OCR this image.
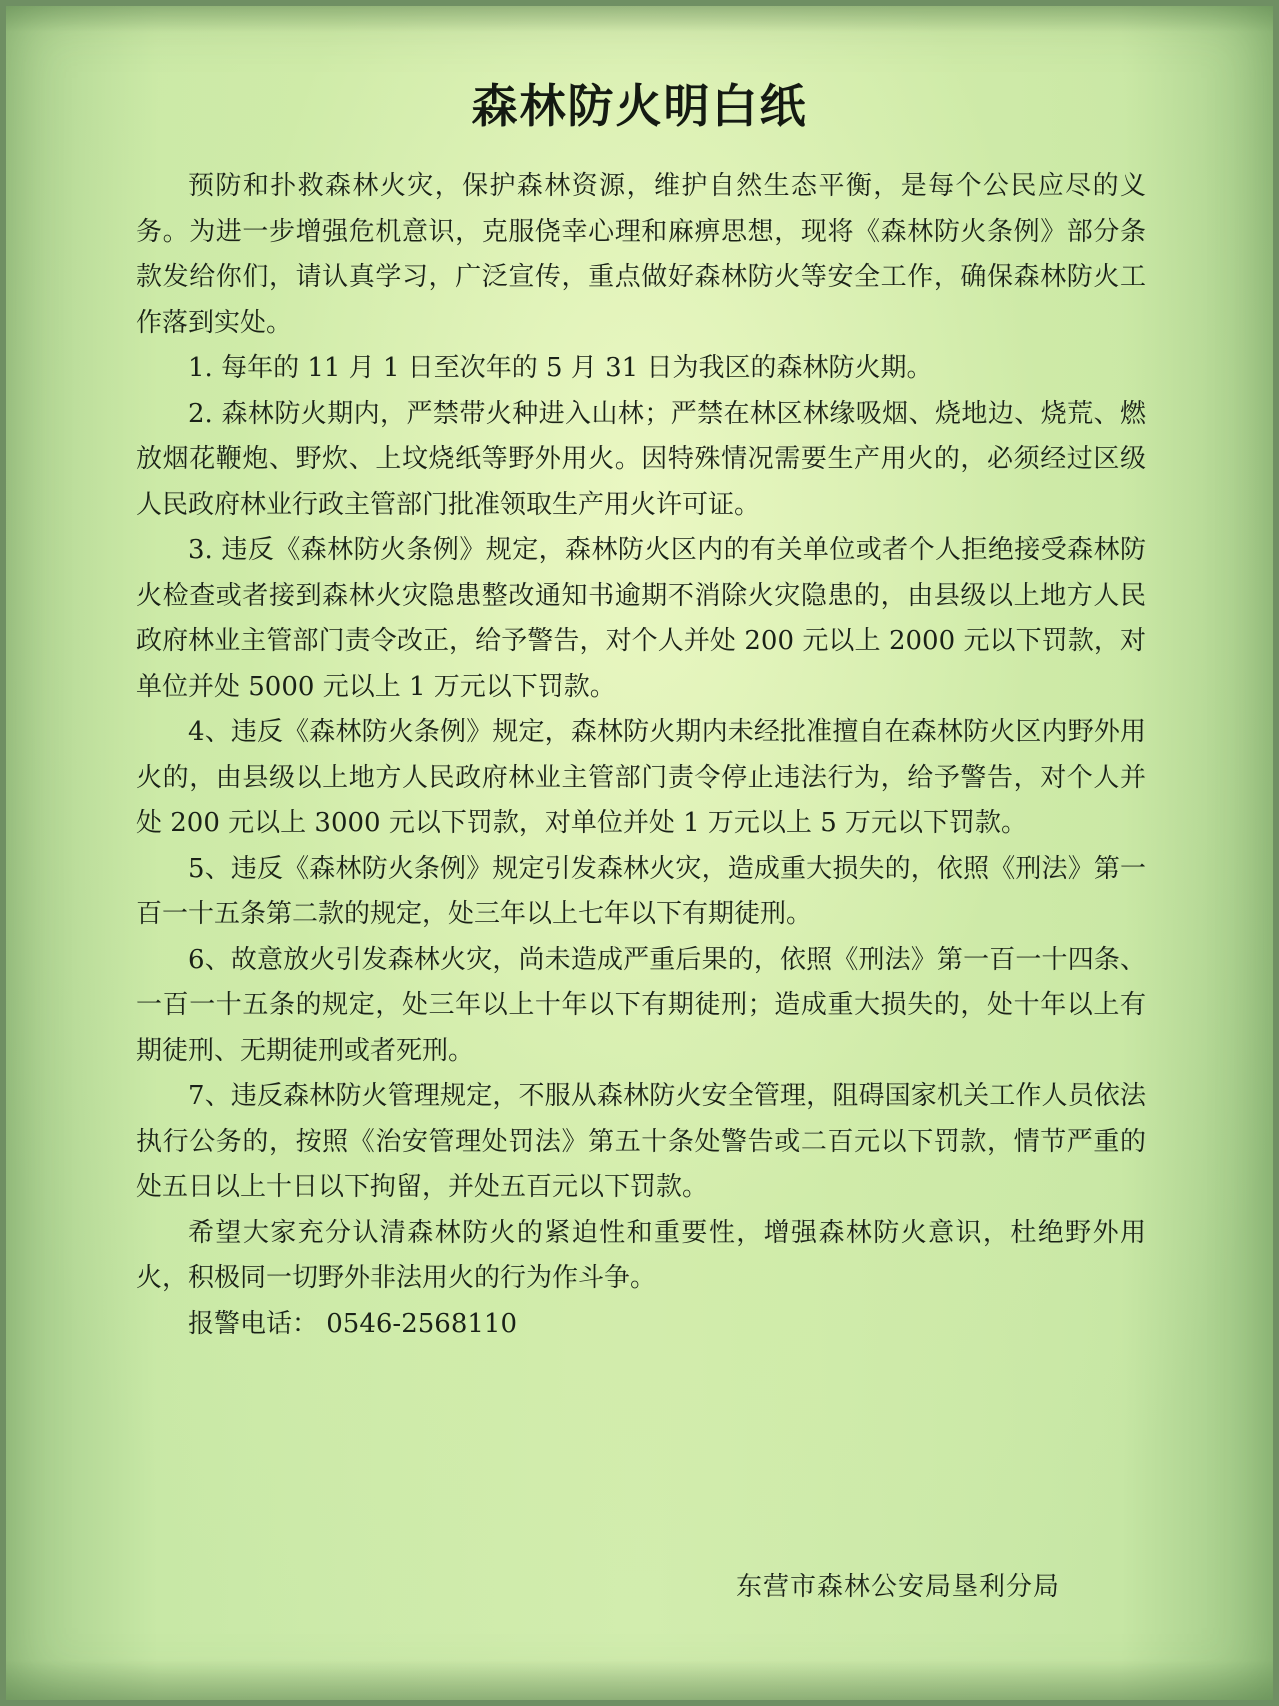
森林防火明白纸

预防和扑救森林火灾，保护森林资源，维护自然生态平衡，是每个公民应尽的义务。为进一步增强危机意识，克服侥幸心理和麻痹思想，现将《森林防火条例》部分条款发给你们，请认真学习，广泛宣传，重点做好森林防火等安全工作，确保森林防火工作落到实处。

1. 每年的 11 月 1 日至次年的 5 月 31 日为我区的森林防火期。

2. 森林防火期内，严禁带火种进入山林；严禁在林区林缘吸烟、烧地边、烧荒、燃放烟花鞭炮、野炊、上坟烧纸等野外用火。因特殊情况需要生产用火的，必须经过区级人民政府林业行政主管部门批准领取生产用火许可证。

3. 违反《森林防火条例》规定，森林防火区内的有关单位或者个人拒绝接受森林防火检查或者接到森林火灾隐患整改通知书逾期不消除火灾隐患的，由县级以上地方人民政府林业主管部门责令改正，给予警告，对个人并处 200 元以上 2000 元以下罚款，对单位并处 5000 元以上 1 万元以下罚款。

4、违反《森林防火条例》规定，森林防火期内未经批准擅自在森林防火区内野外用火的，由县级以上地方人民政府林业主管部门责令停止违法行为，给予警告，对个人并处 200 元以上 3000 元以下罚款，对单位并处 1 万元以上 5 万元以下罚款。

5、违反《森林防火条例》规定引发森林火灾，造成重大损失的，依照《刑法》第一百一十五条第二款的规定，处三年以上七年以下有期徒刑。

6、故意放火引发森林火灾，尚未造成严重后果的，依照《刑法》第一百一十四条、一百一十五条的规定，处三年以上十年以下有期徒刑；造成重大损失的，处十年以上有期徒刑、无期徒刑或者死刑。

7、违反森林防火管理规定，不服从森林防火安全管理，阻碍国家机关工作人员依法执行公务的，按照《治安管理处罚法》第五十条处警告或二百元以下罚款，情节严重的处五日以上十日以下拘留，并处五百元以下罚款。

希望大家充分认清森林防火的紧迫性和重要性，增强森林防火意识，杜绝野外用火，积极同一切野外非法用火的行为作斗争。

报警电话： 0546-2568110

东营市森林公安局垦利分局
